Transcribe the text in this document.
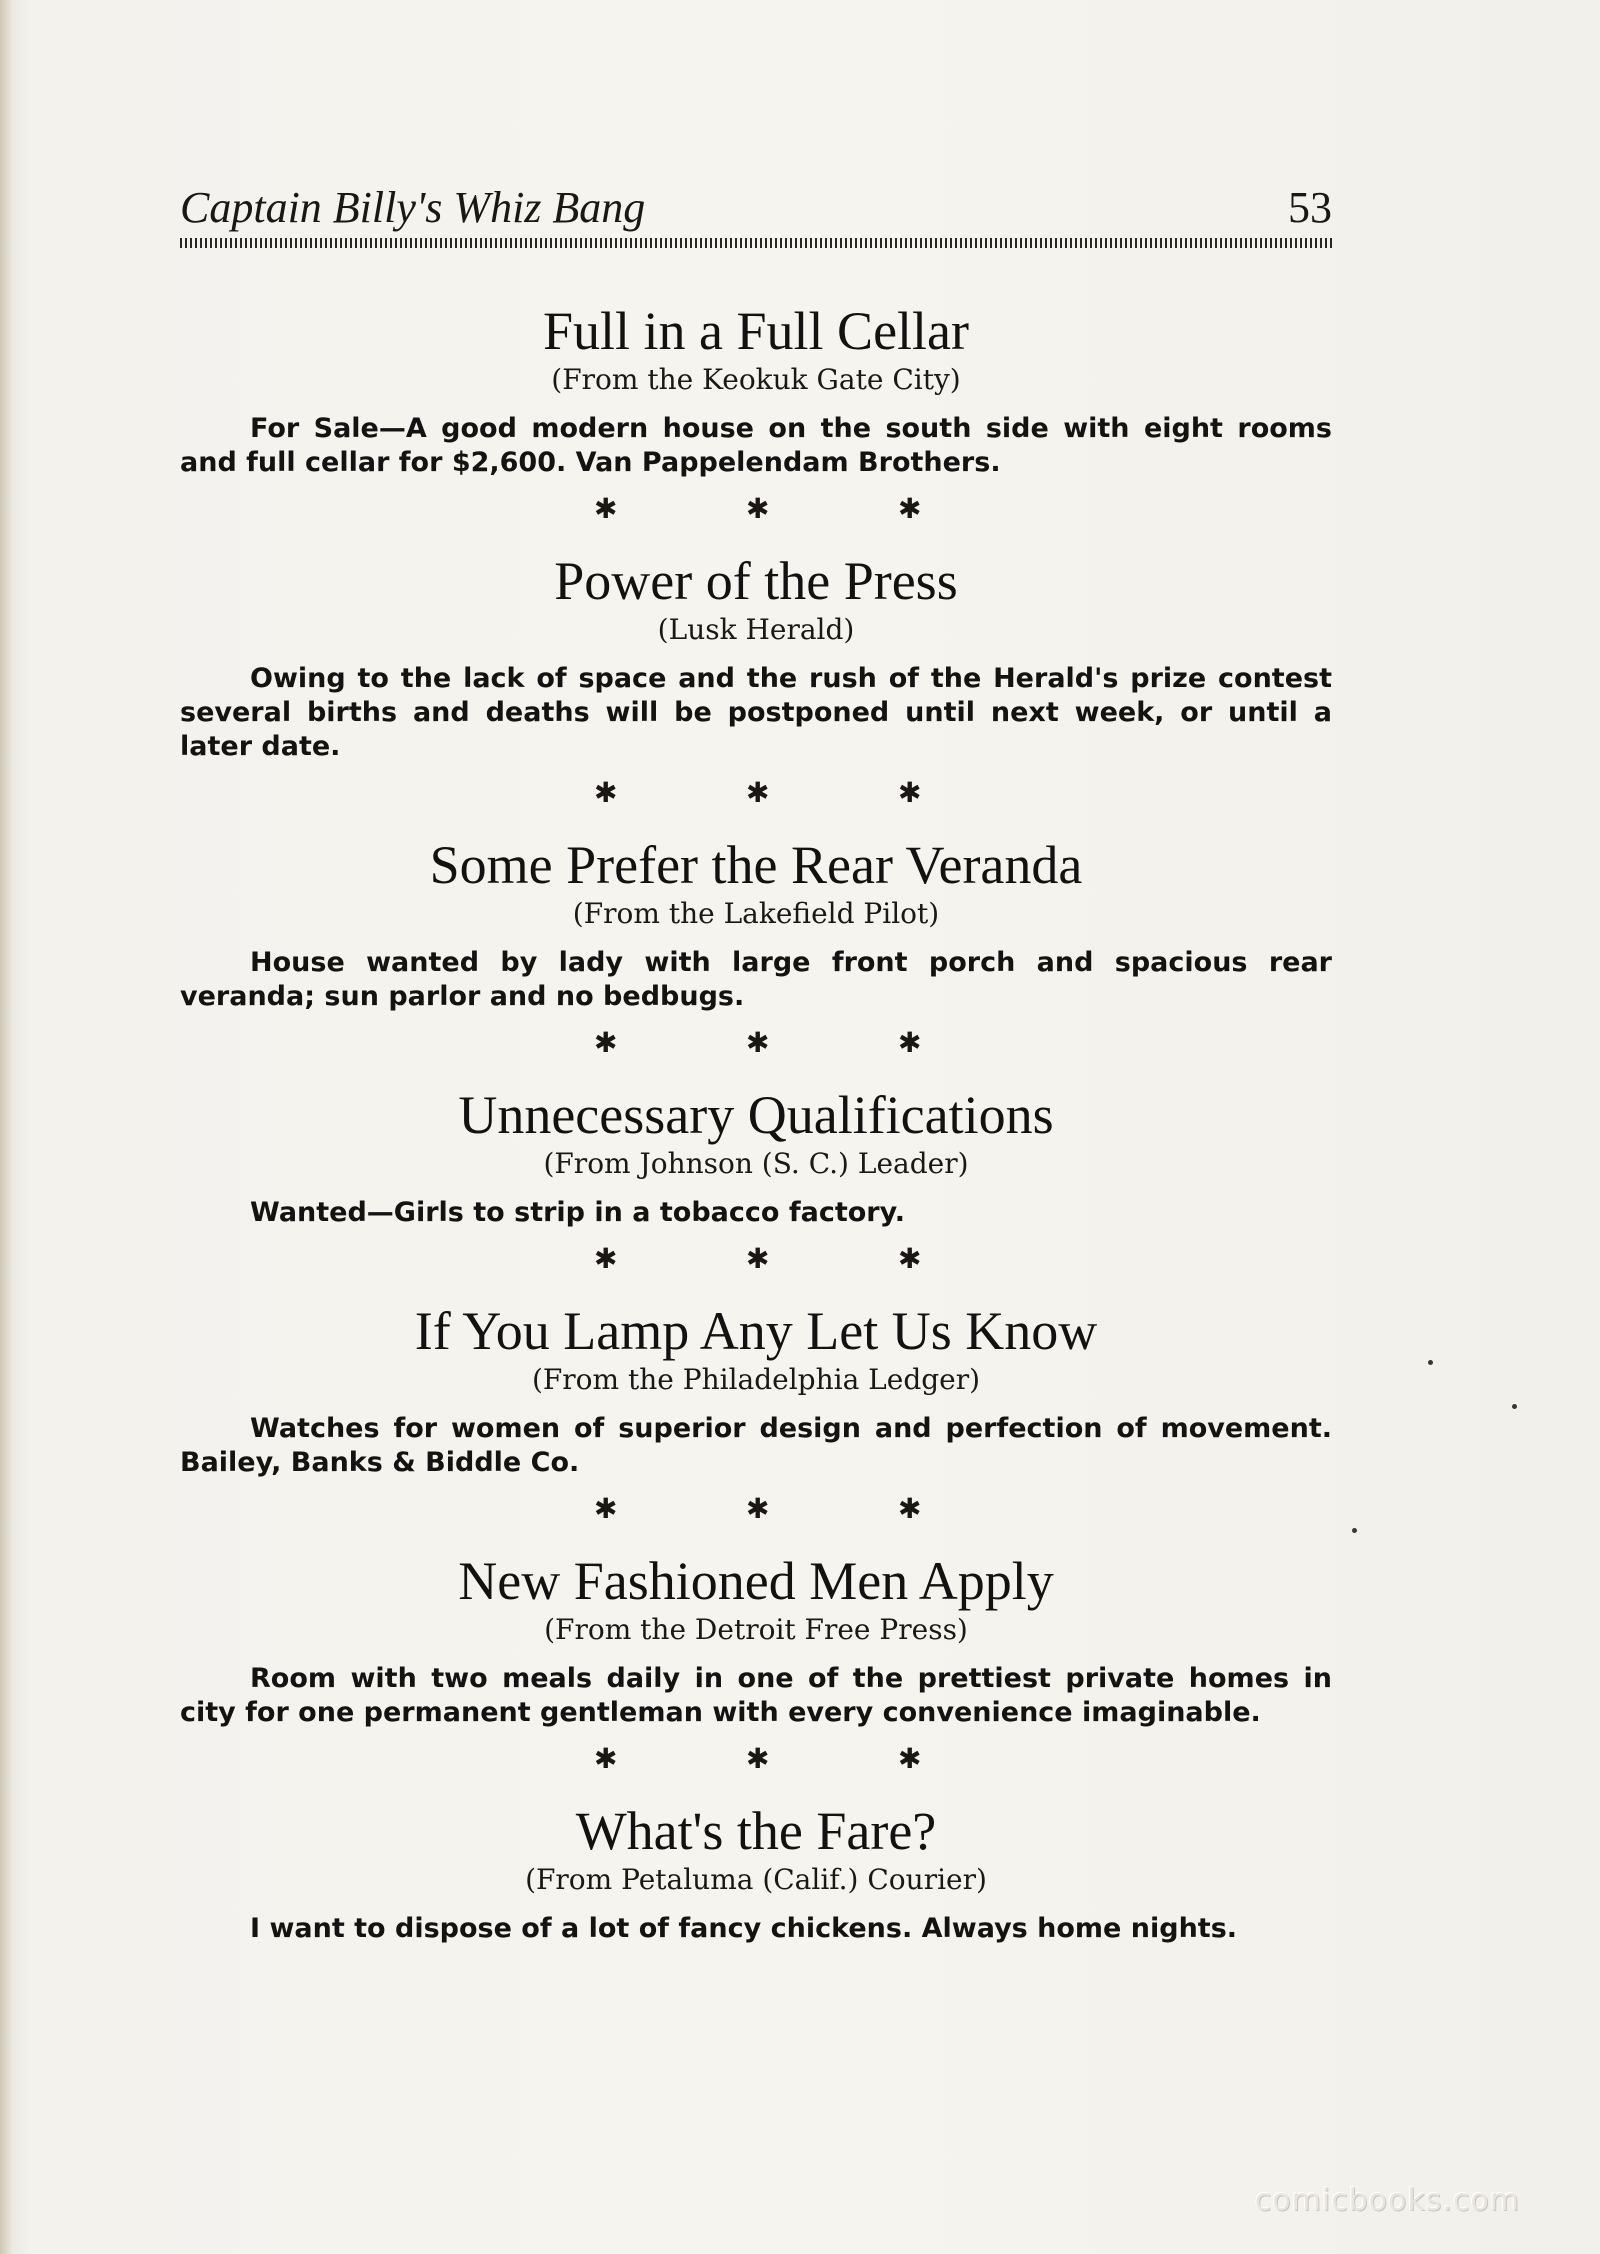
Captain Billy's Whiz Bang	53
Full in a Full Cellar

(From the Keokuk Gate City)

For Sale—A good modern house on the south side with eight rooms and full cellar for $2,600. Van Pappelendam Brothers.

✱	✱	✱
Power of the Press

(Lusk Herald)

Owing to the lack of space and the rush of the Herald's prize contest several births and deaths will be postponed until next week, or until a later date.

✱	✱	✱
Some Prefer the Rear Veranda

(From the Lakefield Pilot)

House wanted by lady with large front porch and spacious rear veranda; sun parlor and no bedbugs.

✱	✱	✱
Unnecessary Qualifications

(From Johnson (S. C.) Leader)

Wanted—Girls to strip in a tobacco factory.

✱	✱	✱
If You Lamp Any Let Us Know

(From the Philadelphia Ledger)

Watches for women of superior design and perfection of movement. Bailey, Banks & Biddle Co.

✱	✱	✱
New Fashioned Men Apply

(From the Detroit Free Press)

Room with two meals daily in one of the prettiest private homes in city for one permanent gentleman with every convenience imaginable.

✱	✱	✱
What's the Fare?

(From Petaluma (Calif.) Courier)

I want to dispose of a lot of fancy chickens. Always home nights.

comicbooks.com
